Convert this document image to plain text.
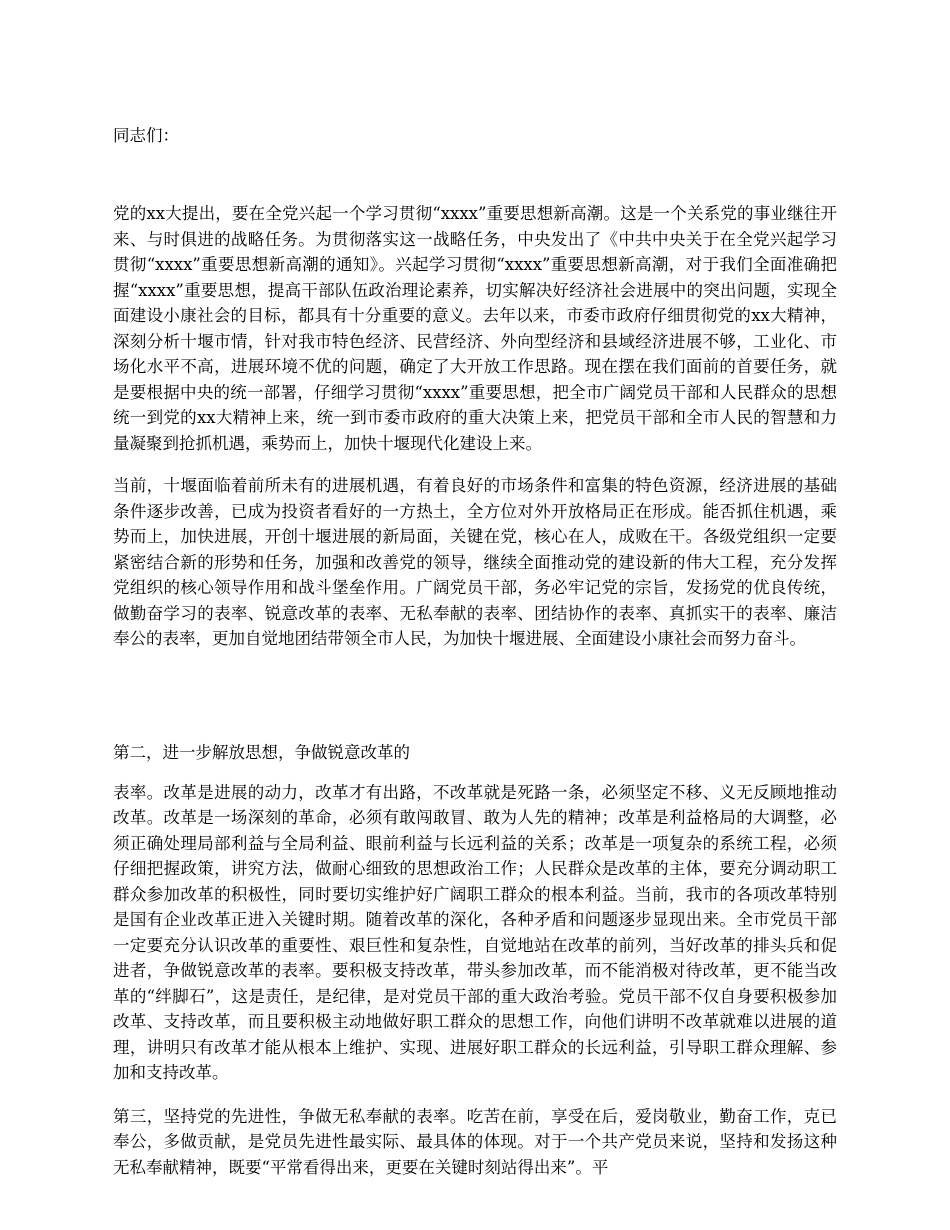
同志们：

党的xx大提出，要在全党兴起一个学习贯彻“xxxx”重要思想新高潮。这是一个关系党的事业继往开来、与时俱进的战略任务。为贯彻落实这一战略任务，中央发出了《中共中央关于在全党兴起学习贯彻“xxxx”重要思想新高潮的通知》。兴起学习贯彻“xxxx”重要思想新高潮，对于我们全面准确把握“xxxx”重要思想，提高干部队伍政治理论素养，切实解决好经济社会进展中的突出问题，实现全面建设小康社会的目标，都具有十分重要的意义。去年以来，市委市政府仔细贯彻党的xx大精神，深刻分析十堰市情，针对我市特色经济、民营经济、外向型经济和县域经济进展不够，工业化、市场化水平不高，进展环境不优的问题，确定了大开放工作思路。现在摆在我们面前的首要任务，就是要根据中央的统一部署，仔细学习贯彻“xxxx”重要思想，把全市广阔党员干部和人民群众的思想统一到党的xx大精神上来，统一到市委市政府的重大决策上来，把党员干部和全市人民的智慧和力量凝聚到抢抓机遇，乘势而上，加快十堰现代化建设上来。

当前，十堰面临着前所未有的进展机遇，有着良好的市场条件和富集的特色资源，经济进展的基础条件逐步改善，已成为投资者看好的一方热土，全方位对外开放格局正在形成。能否抓住机遇，乘势而上，加快进展，开创十堰进展的新局面，关键在党，核心在人，成败在干。各级党组织一定要紧密结合新的形势和任务，加强和改善党的领导，继续全面推动党的建设新的伟大工程，充分发挥党组织的核心领导作用和战斗堡垒作用。广阔党员干部，务必牢记党的宗旨，发扬党的优良传统，做勤奋学习的表率、锐意改革的表率、无私奉献的表率、团结协作的表率、真抓实干的表率、廉洁奉公的表率，更加自觉地团结带领全市人民，为加快十堰进展、全面建设小康社会而努力奋斗。

第二，进一步解放思想，争做锐意改革的

表率。改革是进展的动力，改革才有出路，不改革就是死路一条，必须坚定不移、义无反顾地推动改革。改革是一场深刻的革命，必须有敢闯敢冒、敢为人先的精神；改革是利益格局的大调整，必须正确处理局部利益与全局利益、眼前利益与长远利益的关系；改革是一项复杂的系统工程，必须仔细把握政策，讲究方法，做耐心细致的思想政治工作；人民群众是改革的主体，要充分调动职工群众参加改革的积极性，同时要切实维护好广阔职工群众的根本利益。当前，我市的各项改革特别是国有企业改革正进入关键时期。随着改革的深化，各种矛盾和问题逐步显现出来。全市党员干部一定要充分认识改革的重要性、艰巨性和复杂性，自觉地站在改革的前列，当好改革的排头兵和促进者，争做锐意改革的表率。要积极支持改革，带头参加改革，而不能消极对待改革，更不能当改革的“绊脚石”，这是责任，是纪律，是对党员干部的重大政治考验。党员干部不仅自身要积极参加改革、支持改革，而且要积极主动地做好职工群众的思想工作，向他们讲明不改革就难以进展的道理，讲明只有改革才能从根本上维护、实现、进展好职工群众的长远利益，引导职工群众理解、参加和支持改革。

第三，坚持党的先进性，争做无私奉献的表率。吃苦在前，享受在后，爱岗敬业，勤奋工作，克已奉公，多做贡献，是党员先进性最实际、最具体的体现。对于一个共产党员来说，坚持和发扬这种无私奉献精神，既要“平常看得出来，更要在关键时刻站得出来”。平
